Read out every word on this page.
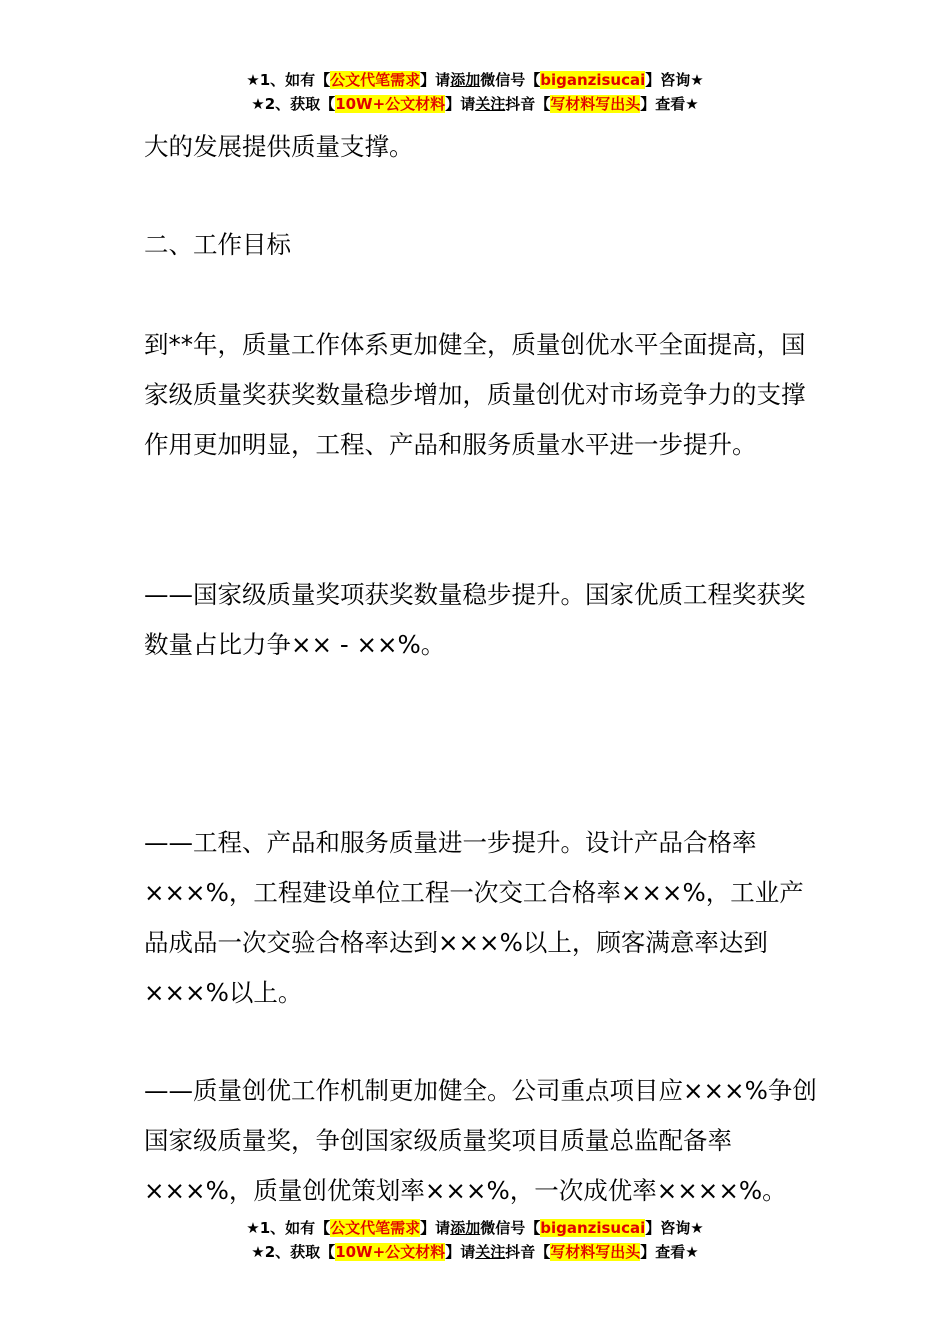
★1、如有【公文代笔需求】请添加微信号【biganzisucai】咨询★
★2、获取【10W+公文材料】请关注抖音【写材料写出头】查看★

大的发展提供质量支撑。

二、工作目标

到**年，质量工作体系更加健全，质量创优水平全面提高，国家级质量奖获奖数量稳步增加，质量创优对市场竞争力的支撑作用更加明显，工程、产品和服务质量水平进一步提升。

——国家级质量奖项获奖数量稳步提升。国家优质工程奖获奖数量占比力争×× - ××%。

——工程、产品和服务质量进一步提升。设计产品合格率×××%，工程建设单位工程一次交工合格率×××%，工业产品成品一次交验合格率达到×××%以上，顾客满意率达到×××%以上。

——质量创优工作机制更加健全。公司重点项目应×××%争创国家级质量奖，争创国家级质量奖项目质量总监配备率×××%，质量创优策划率×××%，一次成优率××××%。

★1、如有【公文代笔需求】请添加微信号【biganzisucai】咨询★
★2、获取【10W+公文材料】请关注抖音【写材料写出头】查看★
